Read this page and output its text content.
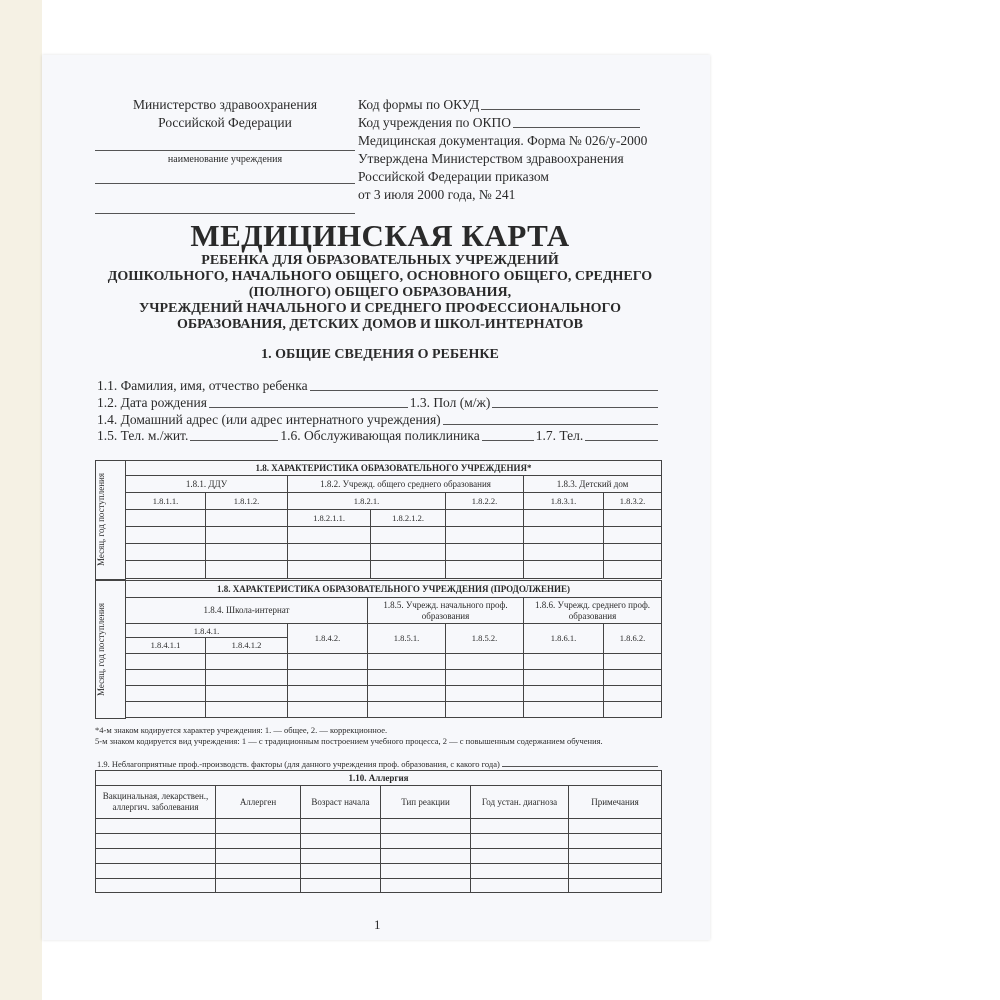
Министерство здравоохранения
Российской Федерации
наименование учреждения
Код формы по ОКУД
Код учреждения по ОКПО
Медицинская документация. Форма № 026/у-2000
Утверждена Министерством здравоохранения
Российской Федерации приказом
от 3 июля 2000 года, № 241
МЕДИЦИНСКАЯ КАРТА
РЕБЕНКА ДЛЯ ОБРАЗОВАТЕЛЬНЫХ УЧРЕЖДЕНИЙ
ДОШКОЛЬНОГО, НАЧАЛЬНОГО ОБЩЕГО, ОСНОВНОГО ОБЩЕГО, СРЕДНЕГО
(ПОЛНОГО) ОБЩЕГО ОБРАЗОВАНИЯ,
УЧРЕЖДЕНИЙ НАЧАЛЬНОГО И СРЕДНЕГО ПРОФЕССИОНАЛЬНОГО
ОБРАЗОВАНИЯ, ДЕТСКИХ ДОМОВ И ШКОЛ-ИНТЕРНАТОВ
1. ОБЩИЕ СВЕДЕНИЯ О РЕБЕНКЕ
1.1. Фамилия, имя, отчество ребенка
1.2. Дата рождения	1.3. Пол (м/ж)
1.4. Домашний адрес (или адрес интернатного учреждения)
1.5. Тел. м./жит.	1.6. Обслуживающая поликлиника	1.7. Тел.
Месяц, год поступления	1.8. ХАРАКТЕРИСТИКА ОБРАЗОВАТЕЛЬНОГО УЧРЕЖДЕНИЯ*						
	1.8.1. ДДУ		1.8.2. Учрежд. общего среднего образования			1.8.3. Детский дом	
	1.8.1.1.	1.8.1.2.	1.8.2.1.		1.8.2.2.	1.8.3.1.	1.8.3.2.
			1.8.2.1.1.	1.8.2.1.2.			

Месяц, год поступления	1.8. ХАРАКТЕРИСТИКА ОБРАЗОВАТЕЛЬНОГО УЧРЕЖДЕНИЯ (ПРОДОЛЖЕНИЕ)						
	1.8.4. Школа-интернат			1.8.5. Учрежд. начального проф. образования		1.8.6. Учрежд. среднего проф. образования	
	1.8.4.1.		1.8.4.2.	1.8.5.1.	1.8.5.2.	1.8.6.1.	1.8.6.2.
	1.8.4.1.1	1.8.4.1.2					

*4-м знаком кодируется характер учреждения: 1. — общее, 2. — коррекционное.
5-м знаком кодируется вид учреждения: 1 — с традиционным построением учебного процесса, 2 — с повышенным содержанием обучения.
1.9. Неблагоприятные проф.-производств. факторы (для данного учреждения проф. образования, с какого года)
1.10. Аллергия					
Вакцинальная, лекарствен., аллергич. заболевания	Аллерген	Возраст начала	Тип реакции	Год устан. диагноза	Примечания

1
